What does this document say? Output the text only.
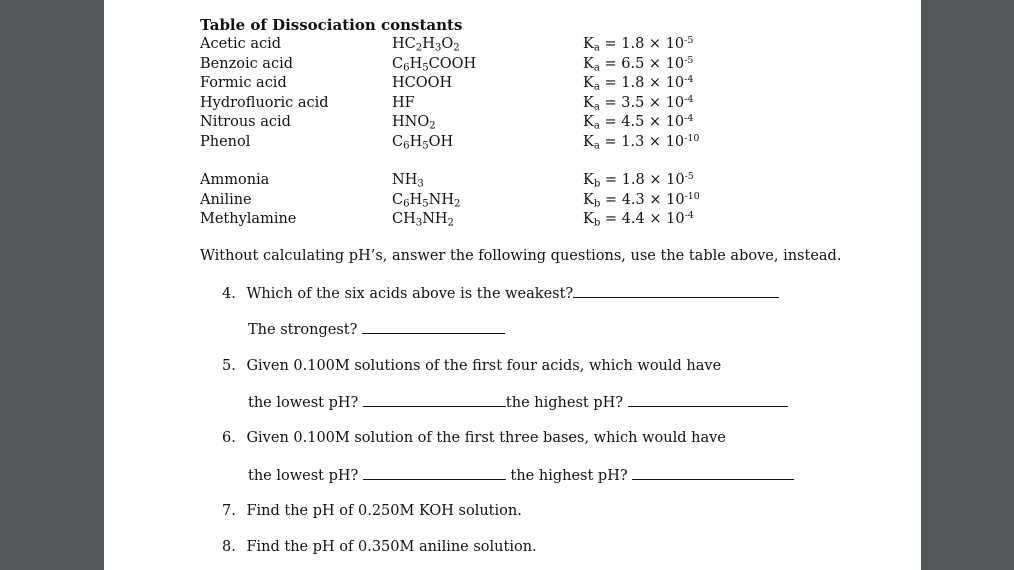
Table of Dissociation constants
Acetic acid	$HC_2H_3O_2$	$K_a = 1.8 \times 10^{-5}$
Benzoic acid	$C_6H_5COOH$	$K_a = 6.5 \times 10^{-5}$
Formic acid	HCOOH	$K_a = 1.8 \times 10^{-4}$
Hydrofluoric acid	HF	$K_a = 3.5 \times 10^{-4}$
Nitrous acid	$HNO_2$	$K_a = 4.5 \times 10^{-4}$
Phenol	$C_6H_5OH$	$K_a = 1.3 \times 10^{-10}$
Ammonia	$NH_3$	$K_b = 1.8 \times 10^{-5}$
Aniline	$C_6H_5NH_2$	$K_b = 4.3 \times 10^{-10}$
Methylamine	$CH_3NH_2$	$K_b = 4.4 \times 10^{-4}$
Without calculating pH’s, answer the following questions, use the table above, instead.
4. Which of the six acids above is the weakest?
The strongest?
5. Given 0.100M solutions of the first four acids, which would have
the lowest pH?	the highest pH?
6. Given 0.100M solution of the first three bases, which would have
the lowest pH?	the highest pH?
7. Find the pH of 0.250M KOH solution.
8. Find the pH of 0.350M aniline solution.
